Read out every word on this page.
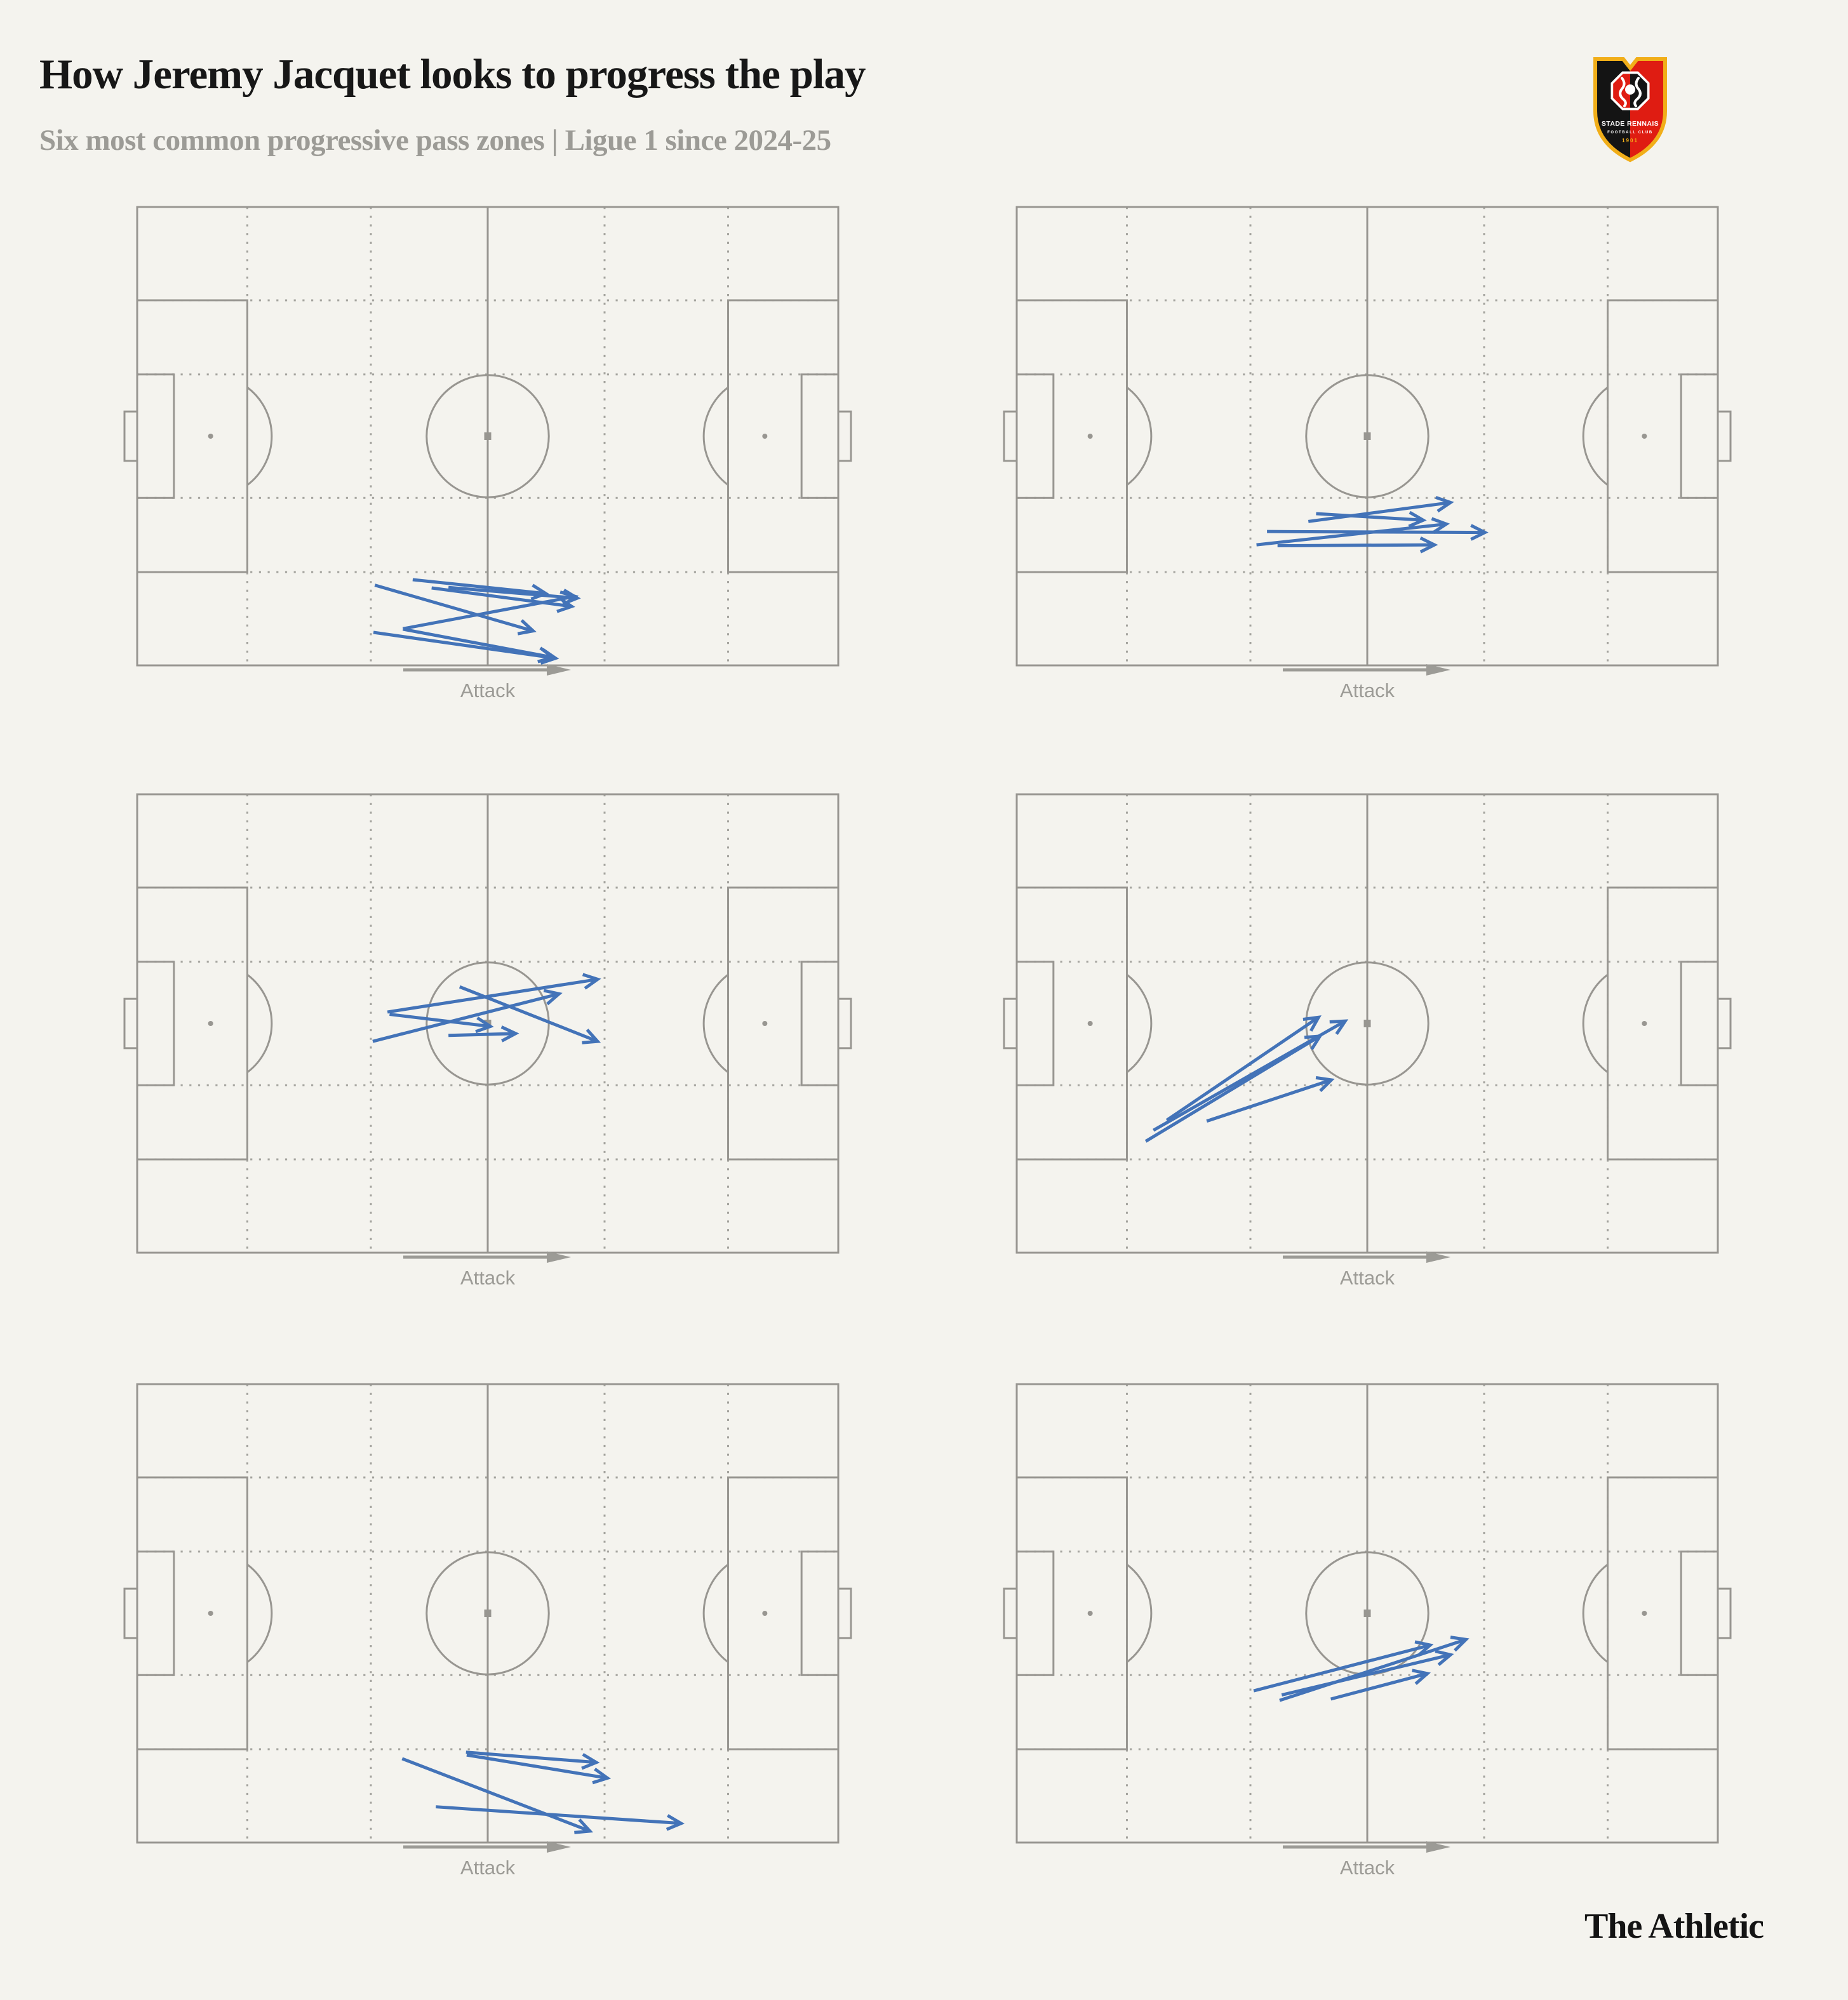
How Jeremy Jacquet looks to progress the play

Six most common progressive pass zones | Ligue 1 since 2024-25	STADE RENNAIS
FOOTBALL CLUB
1901
Attack	Attack
Attack	Attack
Attack	Attack
The Athletic
